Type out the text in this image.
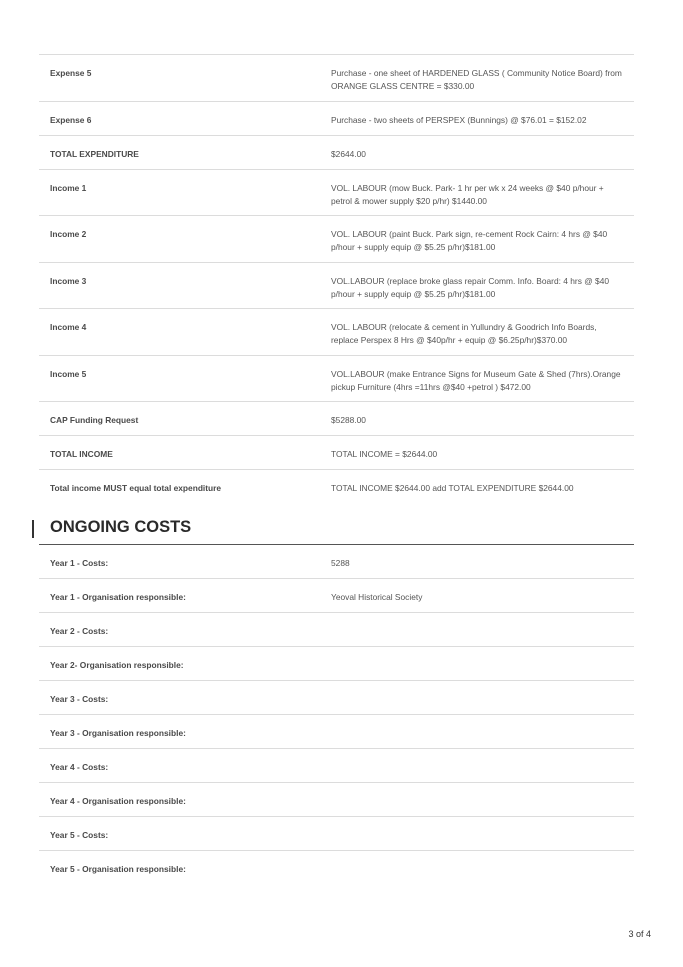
Expense 5	Purchase - one sheet of HARDENED GLASS ( Community Notice Board) from ORANGE GLASS CENTRE = $330.00
Expense 6	Purchase - two sheets of PERSPEX (Bunnings) @ $76.01 = $152.02
TOTAL EXPENDITURE	$2644.00
Income 1	VOL. LABOUR (mow Buck. Park- 1 hr per wk x 24 weeks @ $40 p/hour + petrol & mower supply $20 p/hr) $1440.00
Income 2	VOL. LABOUR (paint Buck. Park sign, re-cement Rock Cairn: 4 hrs @ $40 p/hour + supply equip @ $5.25 p/hr)$181.00
Income 3	VOL.LABOUR (replace broke glass repair Comm. Info. Board: 4 hrs @ $40 p/hour + supply equip @ $5.25 p/hr)$181.00
Income 4	VOL. LABOUR (relocate & cement in Yullundry & Goodrich Info Boards, replace Perspex 8 Hrs @ $40p/hr + equip @ $6.25p/hr)$370.00
Income 5	VOL.LABOUR (make Entrance Signs for Museum Gate & Shed (7hrs).Orange pickup Furniture (4hrs =11hrs @$40 +petrol ) $472.00
CAP Funding Request	$5288.00
TOTAL INCOME	TOTAL INCOME = $2644.00
Total income MUST equal total expenditure	TOTAL INCOME $2644.00 add TOTAL EXPENDITURE $2644.00
ONGOING COSTS
Year 1 - Costs:	5288
Year 1 - Organisation responsible:	Yeoval Historical Society
Year 2 - Costs:
Year 2- Organisation responsible:
Year 3 - Costs:
Year 3 - Organisation responsible:
Year 4 - Costs:
Year 4 - Organisation responsible:
Year 5 - Costs:
Year 5 - Organisation responsible:
3 of 4
